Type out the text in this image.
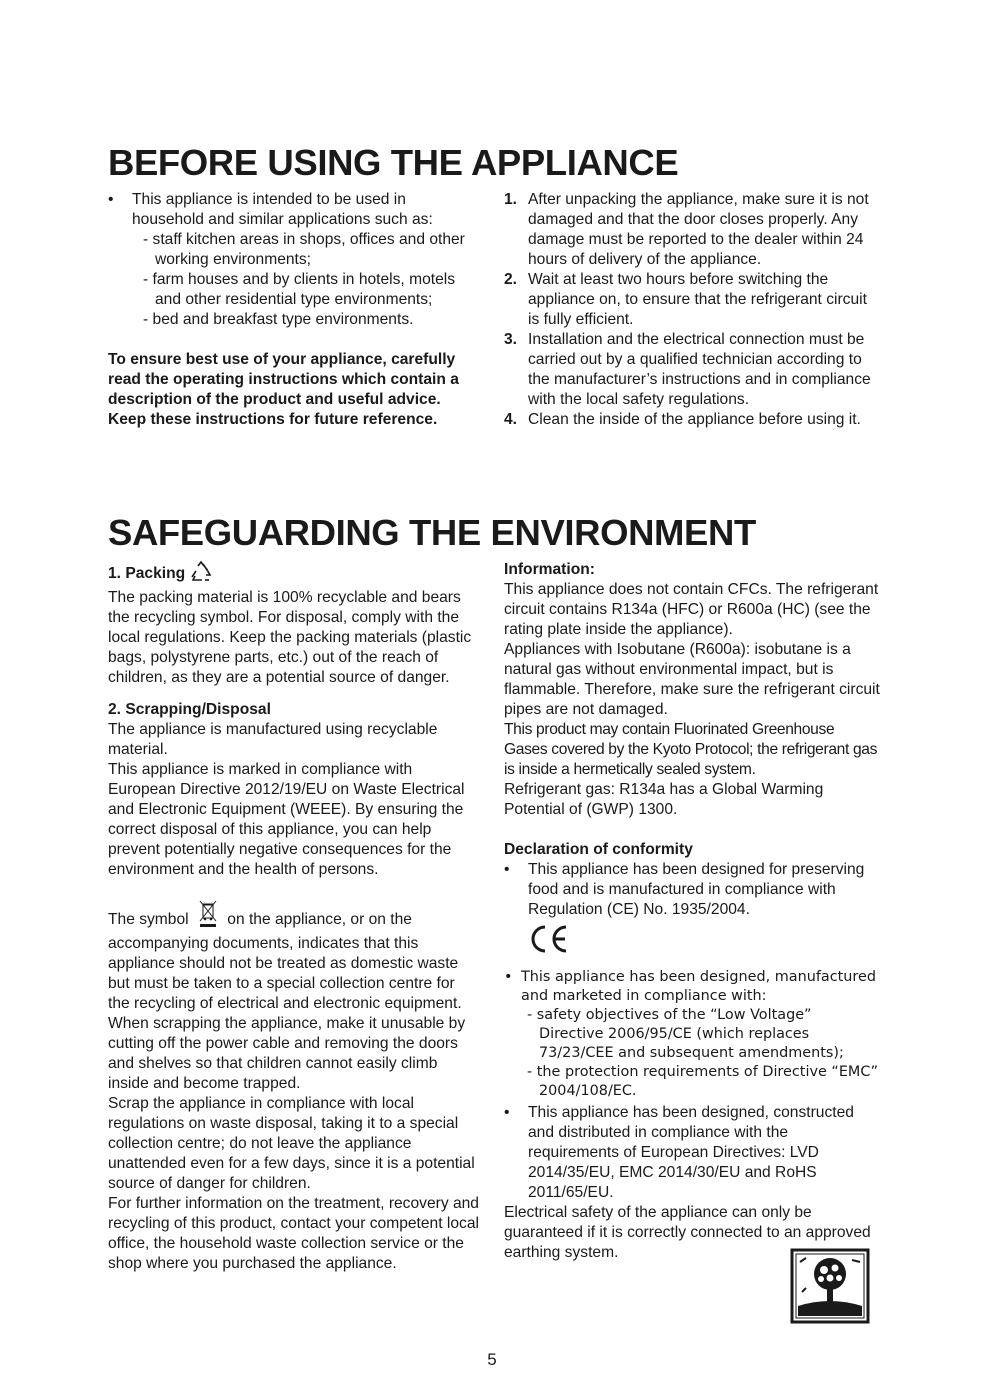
BEFORE USING THE APPLIANCE
• This appliance is intended to be used in household and similar applications such as:

- staff kitchen areas in shops, offices and other working environments;

- farm houses and by clients in hotels, motels and other residential type environments;

- bed and breakfast type environments.

To ensure best use of your appliance, carefully read the operating instructions which contain a description of the product and useful advice.

Keep these instructions for future reference.

1. After unpacking the appliance, make sure it is not damaged and that the door closes properly. Any damage must be reported to the dealer within 24 hours of delivery of the appliance.

2. Wait at least two hours before switching the appliance on, to ensure that the refrigerant circuit is fully efficient.

3. Installation and the electrical connection must be carried out by a qualified technician according to the manufacturer’s instructions and in compliance with the local safety regulations.

4. Clean the inside of the appliance before using it.

SAFEGUARDING THE ENVIRONMENT

1. Packing

The packing material is 100% recyclable and bears the recycling symbol. For disposal, comply with the local regulations. Keep the packing materials (plastic bags, polystyrene parts, etc.) out of the reach of children, as they are a potential source of danger.

2. Scrapping/Disposal

The appliance is manufactured using recyclable material.

This appliance is marked in compliance with European Directive 2012/19/EU on Waste Electrical and Electronic Equipment (WEEE). By ensuring the correct disposal of this appliance, you can help prevent potentially negative consequences for the environment and the health of persons.

The symbol on the appliance, or on the accompanying documents, indicates that this appliance should not be treated as domestic waste but must be taken to a special collection centre for the recycling of electrical and electronic equipment.

When scrapping the appliance, make it unusable by cutting off the power cable and removing the doors and shelves so that children cannot easily climb inside and become trapped.

Scrap the appliance in compliance with local regulations on waste disposal, taking it to a special collection centre; do not leave the appliance unattended even for a few days, since it is a potential source of danger for children.

For further information on the treatment, recovery and recycling of this product, contact your competent local office, the household waste collection service or the shop where you purchased the appliance.

Information:

This appliance does not contain CFCs. The refrigerant circuit contains R134a (HFC) or R600a (HC) (see the rating plate inside the appliance).

Appliances with Isobutane (R600a): isobutane is a natural gas without environmental impact, but is flammable. Therefore, make sure the refrigerant circuit pipes are not damaged.

This product may contain Fluorinated Greenhouse Gases covered by the Kyoto Protocol; the refrigerant gas is inside a hermetically sealed system.

Refrigerant gas: R134a has a Global Warming Potential of (GWP) 1300.

Declaration of conformity

• This appliance has been designed for preserving food and is manufactured in compliance with Regulation (CE) No. 1935/2004.

• This appliance has been designed, manufactured and marketed in compliance with:

- safety objectives of the “Low Voltage” Directive 2006/95/CE (which replaces 73/23/CEE and subsequent amendments);

- the protection requirements of Directive “EMC” 2004/108/EC.

• This appliance has been designed, constructed and distributed in compliance with the requirements of European Directives: LVD 2014/35/EU, EMC 2014/30/EU and RoHS 2011/65/EU.

Electrical safety of the appliance can only be guaranteed if it is correctly connected to an approved earthing system.

5
